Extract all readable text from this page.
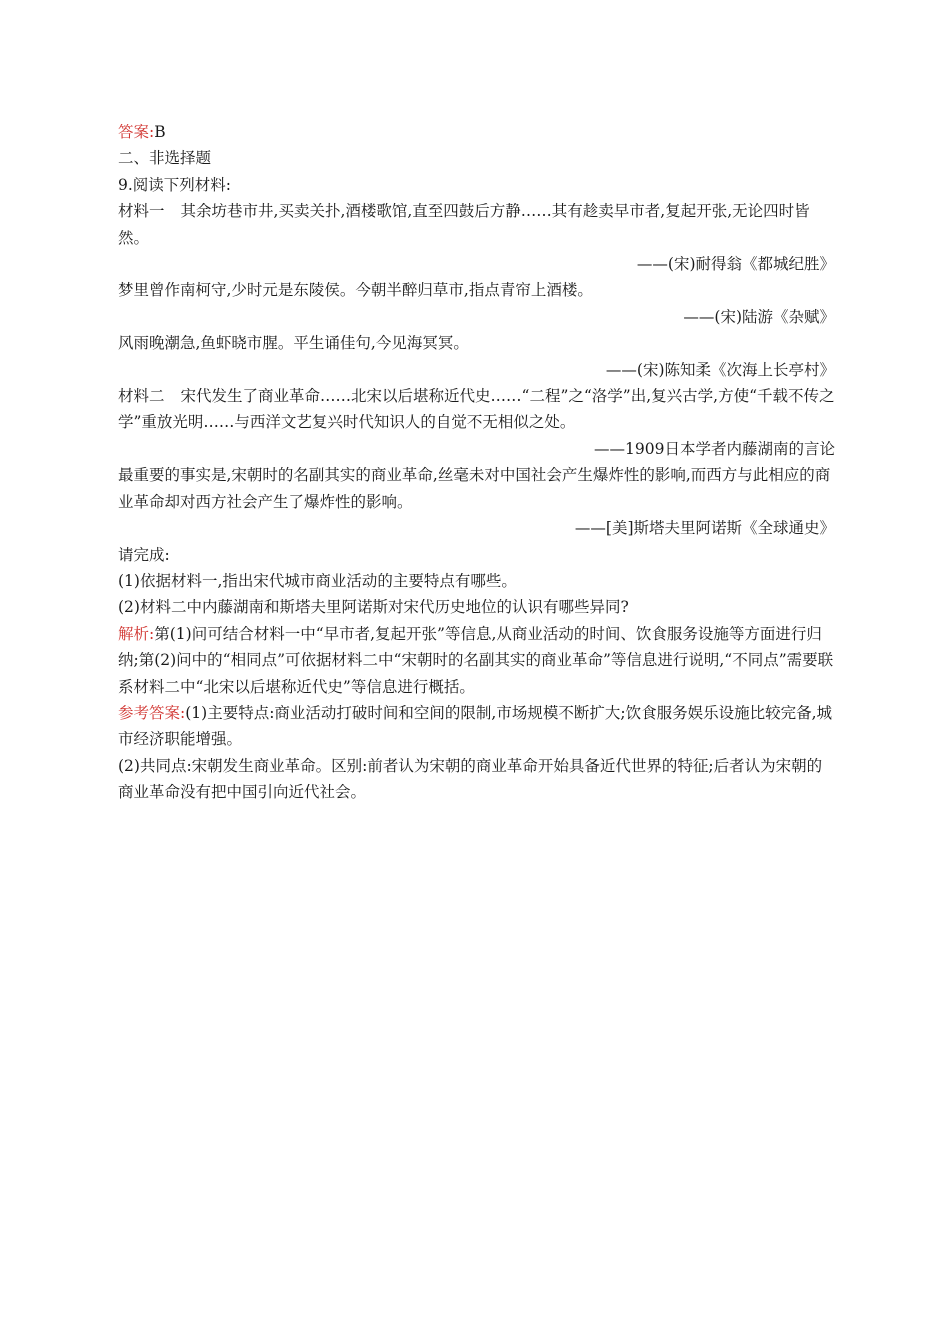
答案:B
二、非选择题
9.阅读下列材料:
材料一 其余坊巷市井,买卖关扑,酒楼歌馆,直至四鼓后方静……其有趁卖早市者,复起开张,无论四时皆然。
——(宋)耐得翁《都城纪胜》
梦里曾作南柯守,少时元是东陵侯。今朝半醉归草市,指点青帘上酒楼。
——(宋)陆游《杂赋》
风雨晚潮急,鱼虾晓市腥。平生诵佳句,今见海冥冥。
——(宋)陈知柔《次海上长亭村》
材料二 宋代发生了商业革命……北宋以后堪称近代史……“二程”之“洛学”出,复兴古学,方使“千载不传之学”重放光明……与西洋文艺复兴时代知识人的自觉不无相似之处。
——1909日本学者内藤湖南的言论
最重要的事实是,宋朝时的名副其实的商业革命,丝毫未对中国社会产生爆炸性的影响,而西方与此相应的商业革命却对西方社会产生了爆炸性的影响。
——[美]斯塔夫里阿诺斯《全球通史》
请完成:
(1)依据材料一,指出宋代城市商业活动的主要特点有哪些。
(2)材料二中内藤湖南和斯塔夫里阿诺斯对宋代历史地位的认识有哪些异同?
解析:第(1)问可结合材料一中“早市者,复起开张”等信息,从商业活动的时间、饮食服务设施等方面进行归纳;第(2)问中的“相同点”可依据材料二中“宋朝时的名副其实的商业革命”等信息进行说明,“不同点”需要联系材料二中“北宋以后堪称近代史”等信息进行概括。
参考答案:(1)主要特点:商业活动打破时间和空间的限制,市场规模不断扩大;饮食服务娱乐设施比较完备,城市经济职能增强。
(2)共同点:宋朝发生商业革命。区别:前者认为宋朝的商业革命开始具备近代世界的特征;后者认为宋朝的商业革命没有把中国引向近代社会。
